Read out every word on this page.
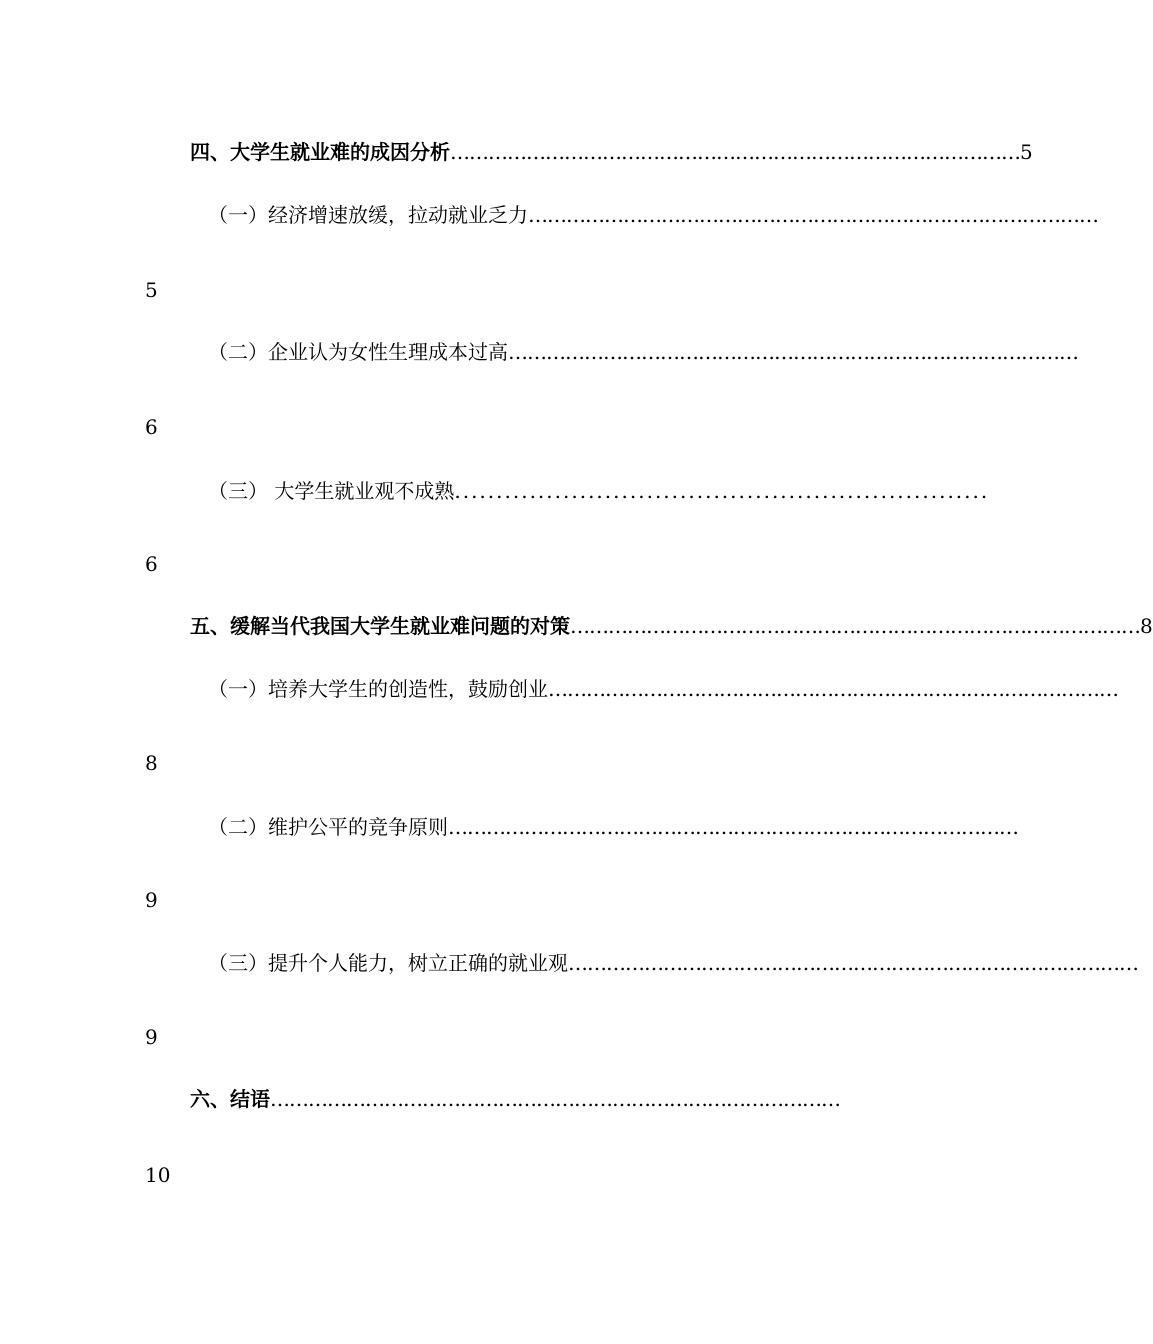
四、大学生就业难的成因分析 ……………………………………………………………………………… 5
（一）经济增速放缓，拉动就业乏力 ………………………………………………………………………………
5
（二）企业认为女性生理成本过高 ………………………………………………………………………………
6
（三） 大学生就业观不成熟 ................................................................
6
五、缓解当代我国大学生就业难问题的对策 ……………………………………………………………………………… 8
（一）培养大学生的创造性，鼓励创业 ………………………………………………………………………………
8
（二）维护公平的竞争原则 ………………………………………………………………………………
9
（三）提升个人能力，树立正确的就业观 ………………………………………………………………………………
9
六、结语 ………………………………………………………………………………
10
